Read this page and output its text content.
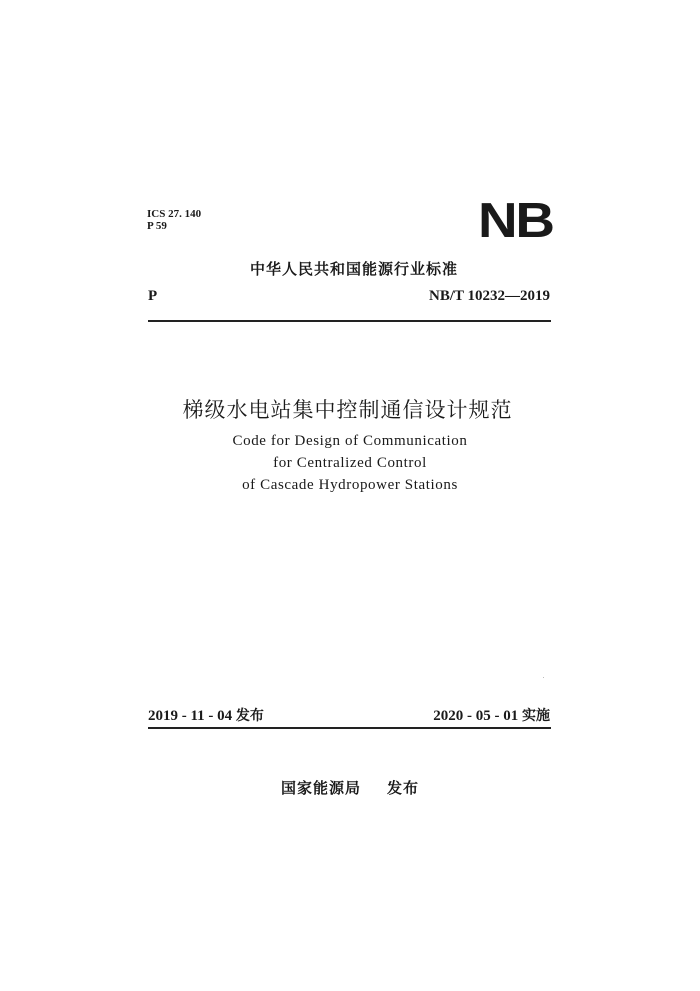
ICS 27. 140
P 59	NB
中华人民共和国能源行业标准
P	NB/T 10232—2019
梯级水电站集中控制通信设计规范
Code for Design of Communication
for Centralized Control
of Cascade Hydropower Stations
2019 - 11 - 04 发布	2020 - 05 - 01 实施
国家能源局 发布
